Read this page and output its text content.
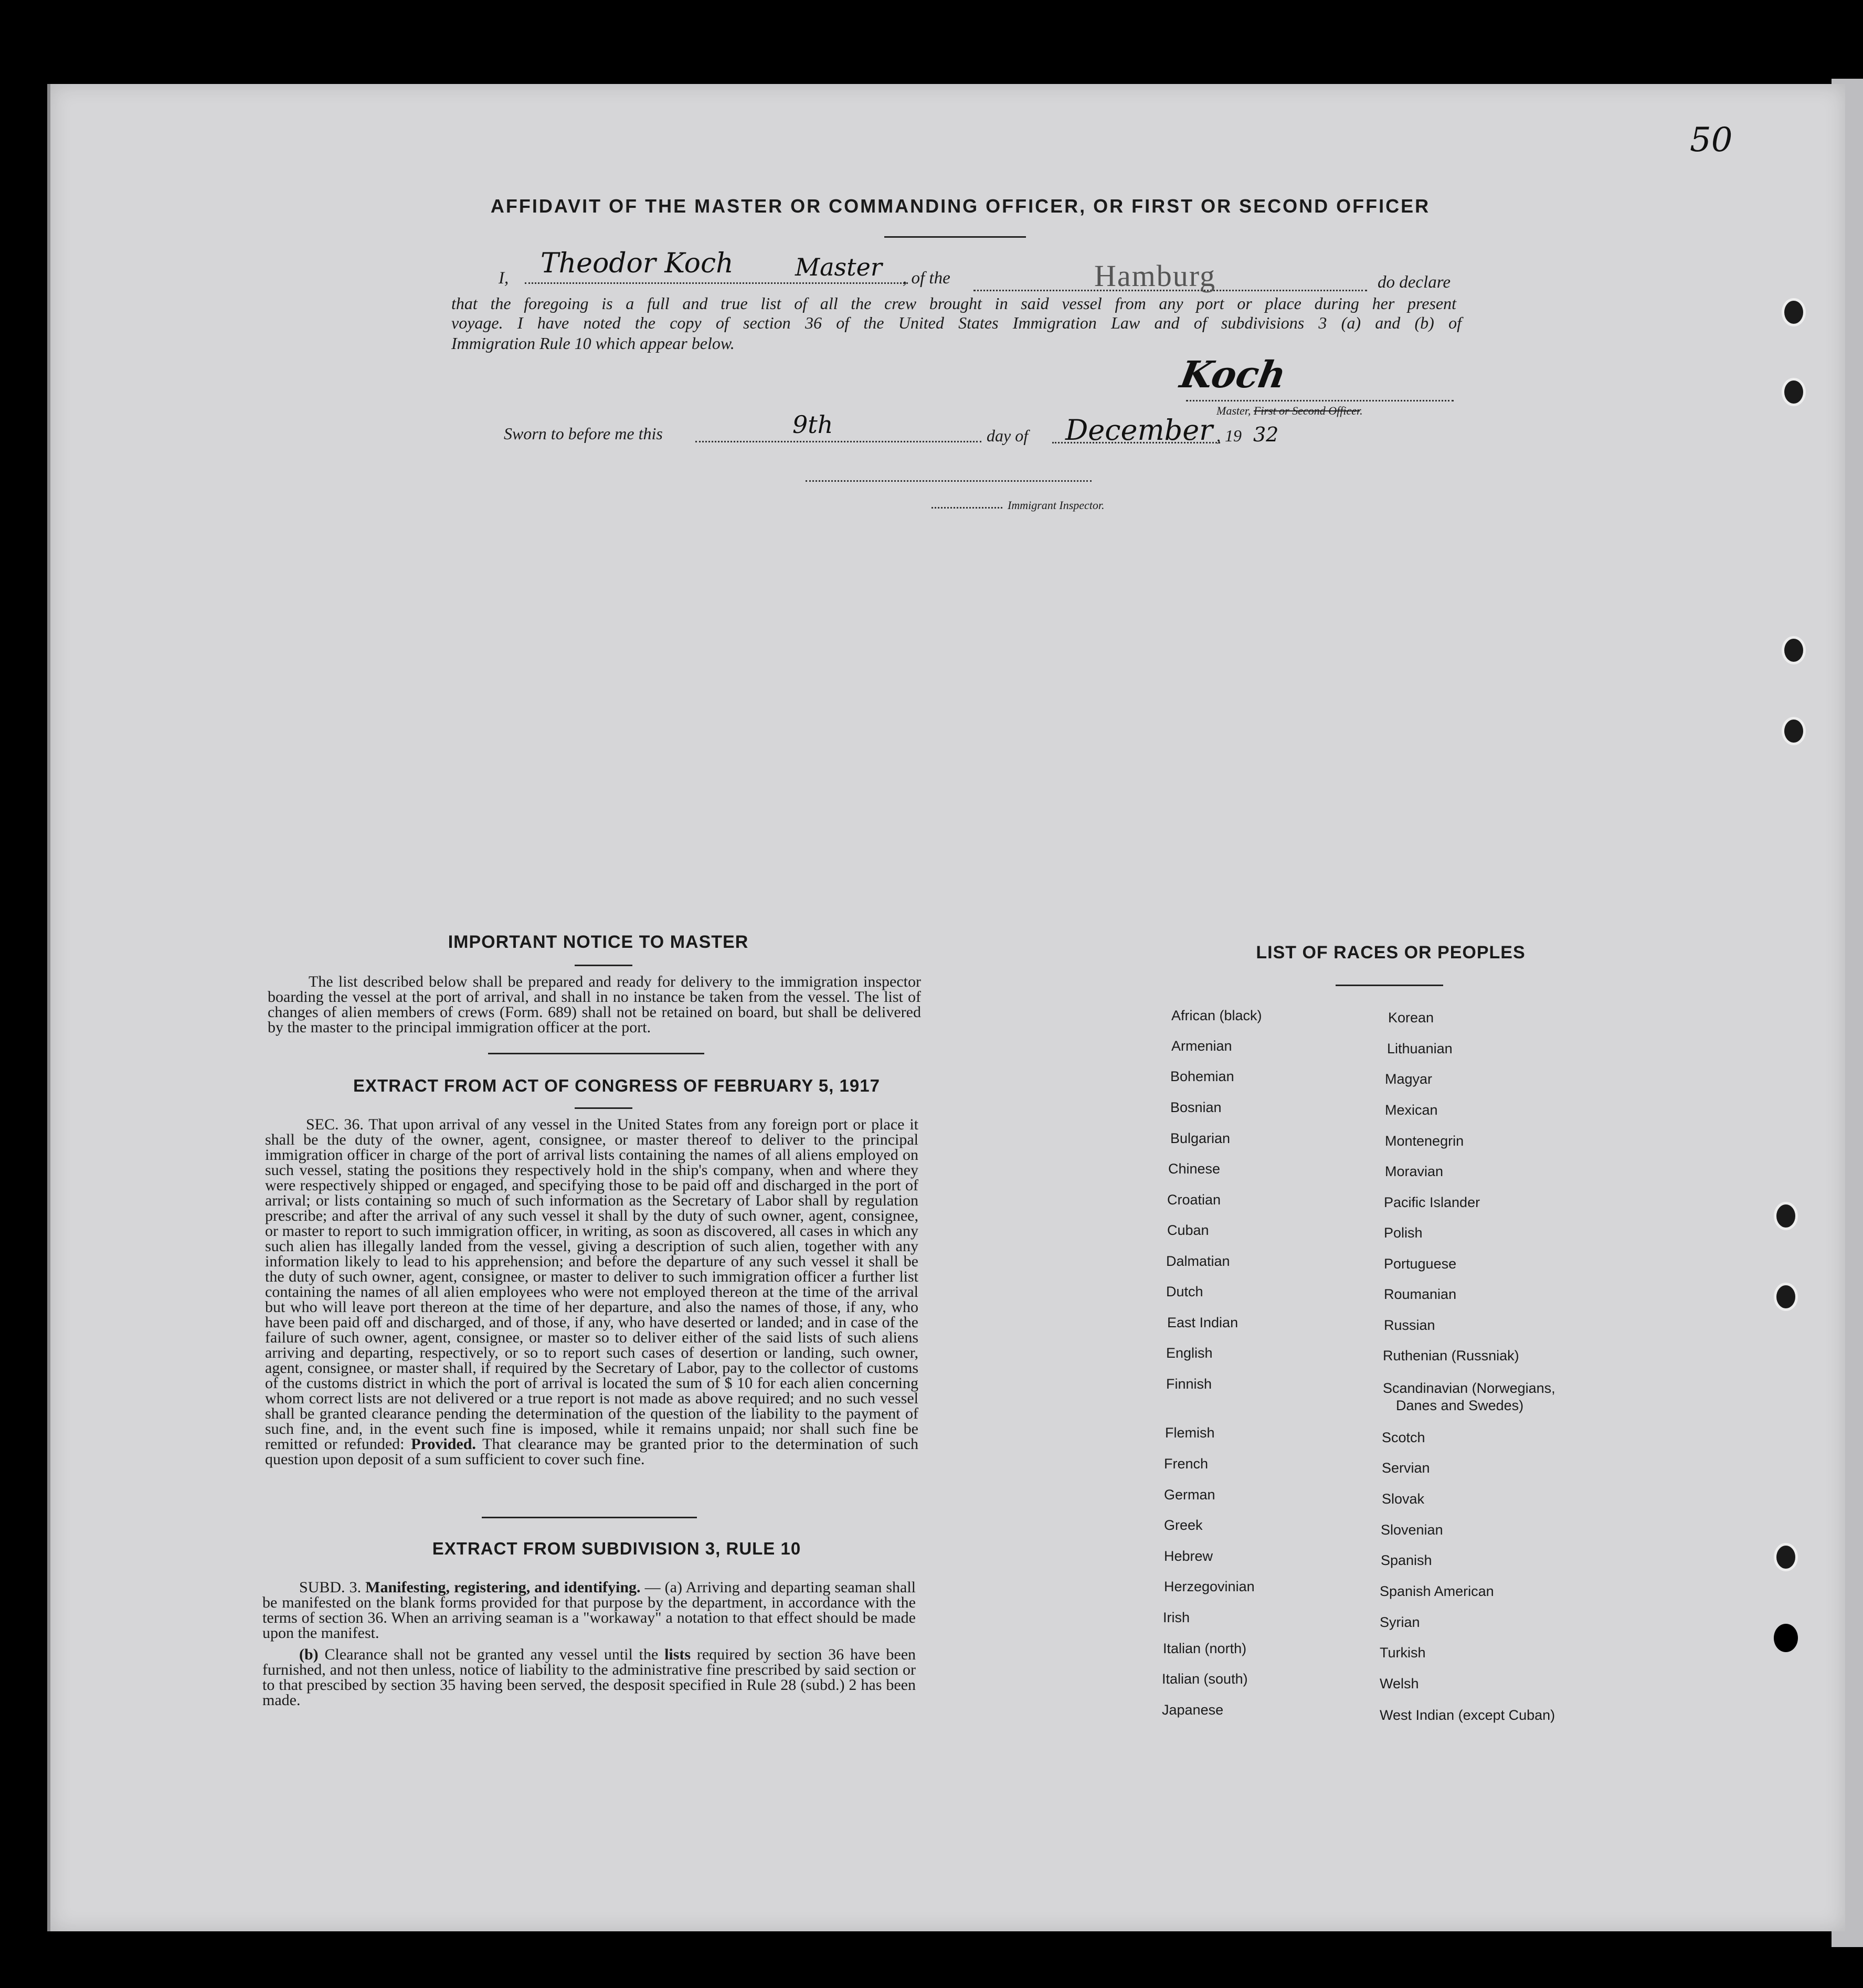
50
AFFIDAVIT OF THE MASTER OR COMMANDING OFFICER, OR FIRST OR SECOND OFFICER
I, Theodor Koch	Master , of the	Hamburg	do declare
that the foregoing is a full and true list of all the crew brought in said vessel from any port or place during her present
voyage. I have noted the copy of section 36 of the United States Immigration Law and of subdivisions 3 (a) and (b) of
Immigration Rule 10 which appear below.
Koch
Master, First or Second Officer.
Sworn to before me this	9th	day of December , 19 32
Immigrant Inspector.
IMPORTANT NOTICE TO MASTER
The list described below shall be prepared and ready for delivery to the immigration inspector boarding the vessel at the port of arrival, and shall in no instance be taken from the vessel. The list of changes of alien members of crews (Form. 689) shall not be retained on board, but shall be delivered by the master to the principal immigration officer at the port.
EXTRACT FROM ACT OF CONGRESS OF FEBRUARY 5, 1917
SEC. 36. That upon arrival of any vessel in the United States from any foreign port or place it shall be the duty of the owner, agent, consignee, or master thereof to deliver to the principal immigration officer in charge of the port of arrival lists containing the names of all aliens employed on such vessel, stating the positions they respectively hold in the ship's company, when and where they were respectively shipped or engaged, and specifying those to be paid off and discharged in the port of arrival; or lists containing so much of such information as the Secretary of Labor shall by regulation prescribe; and after the arrival of any such vessel it shall by the duty of such owner, agent, consignee, or master to report to such immigration officer, in writing, as soon as discovered, all cases in which any such alien has illegally landed from the vessel, giving a description of such alien, together with any information likely to lead to his apprehension; and before the departure of any such vessel it shall be the duty of such owner, agent, consignee, or master to deliver to such immigration officer a further list containing the names of all alien employees who were not employed thereon at the time of the arrival but who will leave port thereon at the time of her departure, and also the names of those, if any, who have been paid off and discharged, and of those, if any, who have deserted or landed; and in case of the failure of such owner, agent, consignee, or master so to deliver either of the said lists of such aliens arriving and departing, respectively, or so to report such cases of desertion or landing, such owner, agent, consignee, or master shall, if required by the Secretary of Labor, pay to the collector of customs of the customs district in which the port of arrival is located the sum of $ 10 for each alien concerning whom correct lists are not delivered or a true report is not made as above required; and no such vessel shall be granted clearance pending the determination of the question of the liability to the payment of such fine, and, in the event such fine is imposed, while it remains unpaid; nor shall such fine be remitted or refunded: Provided. That clearance may be granted prior to the determination of such question upon deposit of a sum sufficient to cover such fine.
EXTRACT FROM SUBDIVISION 3, RULE 10
SUBD. 3. Manifesting, registering, and identifying. — (a) Arriving and departing seaman shall be manifested on the blank forms provided for that purpose by the department, in accordance with the terms of section 36. When an arriving seaman is a "workaway" a notation to that effect should be made upon the manifest.
(b) Clearance shall not be granted any vessel until the lists required by section 36 have been furnished, and not then unless, notice of liability to the administrative fine prescribed by said section or to that prescibed by section 35 having been served, the desposit specified in Rule 28 (subd.) 2 has been made.
LIST OF RACES OR PEOPLES
African (black)
Armenian
Bohemian
Bosnian
Bulgarian
Chinese
Croatian
Cuban
Dalmatian
Dutch
East Indian
English
Finnish
Flemish
French
German
Greek
Hebrew
Herzegovinian
Irish
Italian (north)
Italian (south)
Japanese
Korean
Lithuanian
Magyar
Mexican
Montenegrin
Moravian
Pacific Islander
Polish
Portuguese
Roumanian
Russian
Ruthenian (Russniak)
Scandinavian (Norwegians,
Danes and Swedes)
Scotch
Servian
Slovak
Slovenian
Spanish
Spanish American
Syrian
Turkish
Welsh
West Indian (except Cuban)
